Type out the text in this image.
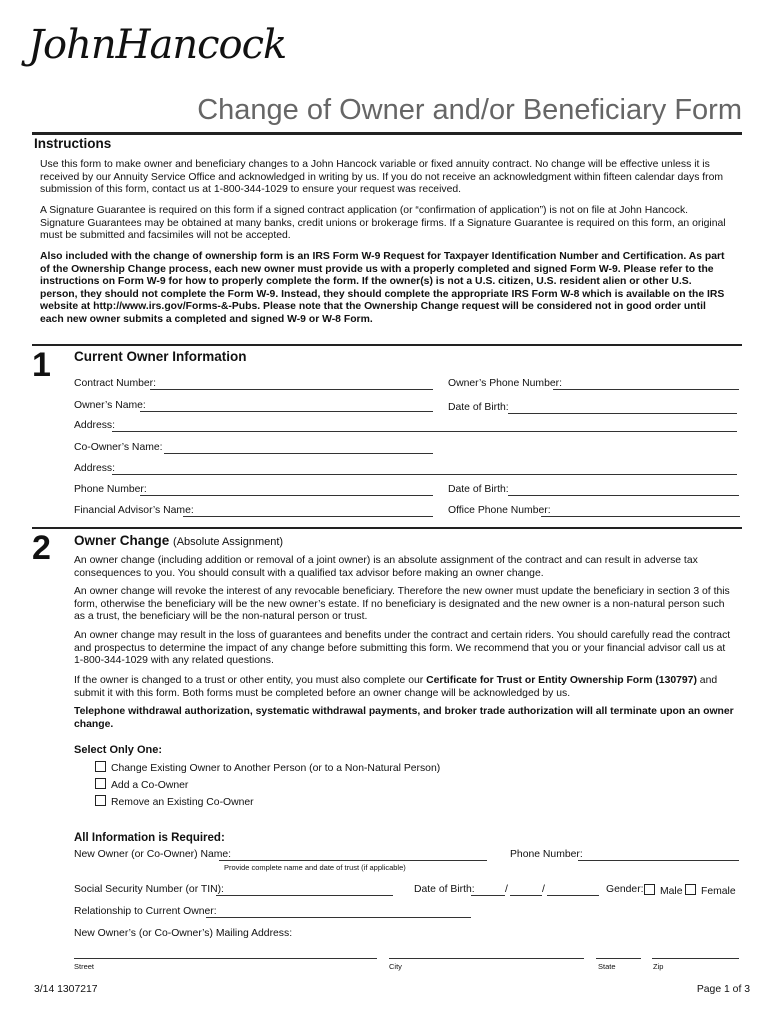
JohnHancock
Change of Owner and/or Beneficiary Form
Instructions
Use this form to make owner and beneficiary changes to a John Hancock variable or fixed annuity contract. No change will be effective unless it is received by our Annuity Service Office and acknowledged in writing by us. If you do not receive an acknowledgment within fifteen calendar days from submission of this form, contact us at 1-800-344-1029 to ensure your request was received.
A Signature Guarantee is required on this form if a signed contract application (or “confirmation of application”) is not on file at John Hancock. Signature Guarantees may be obtained at many banks, credit unions or brokerage firms. If a Signature Guarantee is required on this form, an original must be submitted and facsimiles will not be accepted.
Also included with the change of ownership form is an IRS Form W-9 Request for Taxpayer Identification Number and Certification. As part of the Ownership Change process, each new owner must provide us with a properly completed and signed Form W-9. Please refer to the instructions on Form W-9 for how to properly complete the form. If the owner(s) is not a U.S. citizen, U.S. resident alien or other U.S. person, they should not complete the Form W-9. Instead, they should complete the appropriate IRS Form W-8 which is available on the IRS website at http://www.irs.gov/Forms-&-Pubs. Please note that the Ownership Change request will be considered not in good order until each new owner submits a completed and signed W-9 or W-8 Form.
1 Current Owner Information
Contract Number:	Owner’s Phone Number:
Owner’s Name:	Date of Birth:
Address:
Co-Owner’s Name:
Address:
Phone Number:	Date of Birth:
Financial Advisor’s Name:	Office Phone Number:
2 Owner Change (Absolute Assignment)
An owner change (including addition or removal of a joint owner) is an absolute assignment of the contract and can result in adverse tax consequences to you. You should consult with a qualified tax advisor before making an owner change.
An owner change will revoke the interest of any revocable beneficiary. Therefore the new owner must update the beneficiary in section 3 of this form, otherwise the beneficiary will be the new owner’s estate. If no beneficiary is designated and the new owner is a non-natural person such as a trust, the beneficiary will be the non-natural person or trust.
An owner change may result in the loss of guarantees and benefits under the contract and certain riders. You should carefully read the contract and prospectus to determine the impact of any change before submitting this form. We recommend that you or your financial advisor call us at 1-800-344-1029 with any related questions.
If the owner is changed to a trust or other entity, you must also complete our Certificate for Trust or Entity Ownership Form (130797) and submit it with this form. Both forms must be completed before an owner change will be acknowledged by us.
Telephone withdrawal authorization, systematic withdrawal payments, and broker trade authorization will all terminate upon an owner change.
Select Only One:
Change Existing Owner to Another Person (or to a Non-Natural Person)
Add a Co-Owner
Remove an Existing Co-Owner
All Information is Required:
New Owner (or Co-Owner) Name:
Provide complete name and date of trust (if applicable)
Phone Number:
Social Security Number (or TIN):	Date of Birth:	/	/	Gender:	Male	Female
Relationship to Current Owner:
New Owner’s (or Co-Owner’s) Mailing Address:
Street	City	State	Zip
3/14 1307217	Page 1 of 3
